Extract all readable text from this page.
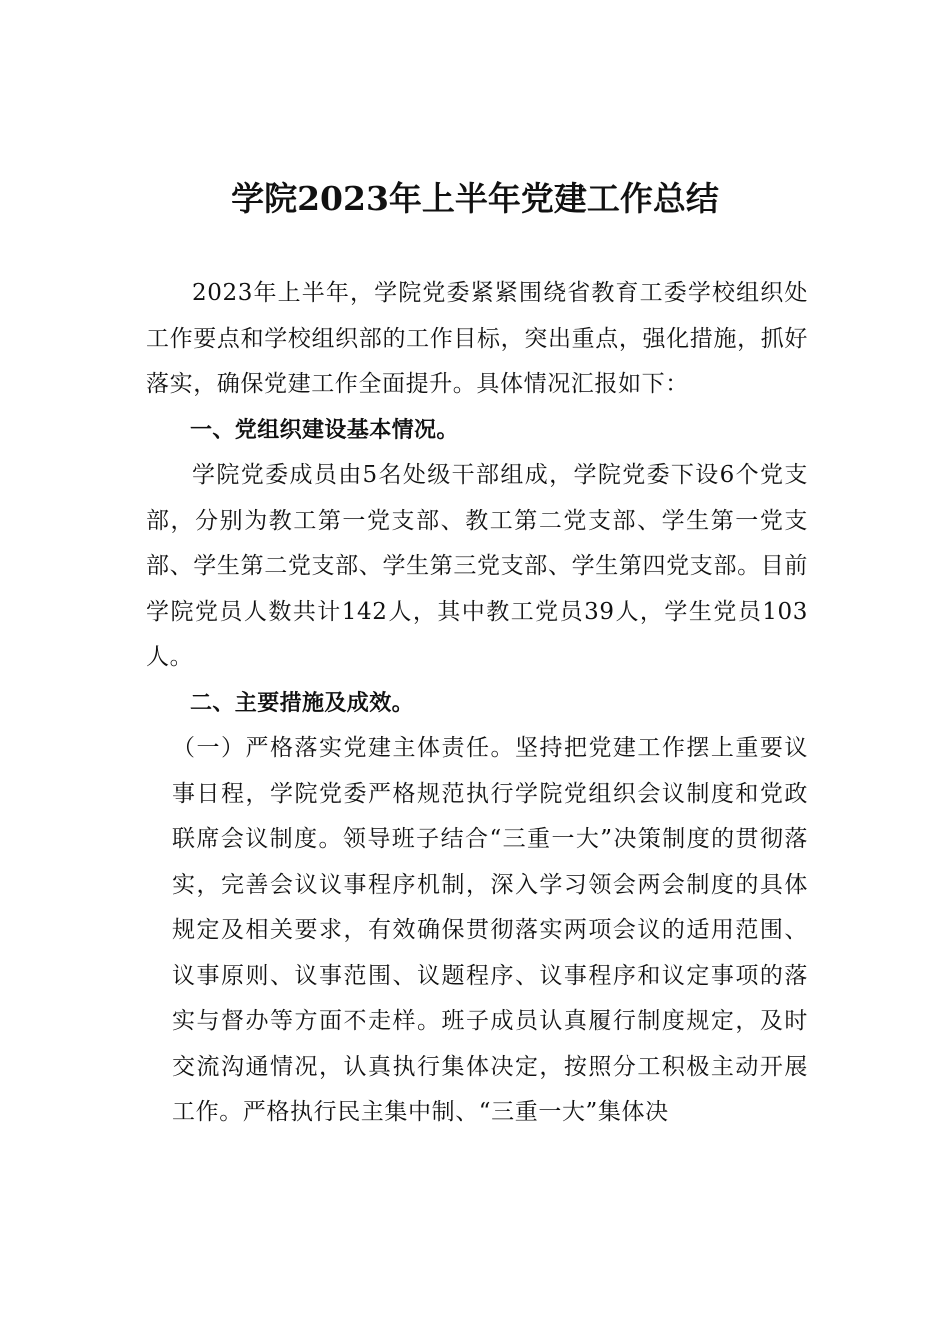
学院2023年上半年党建工作总结

2023年上半年，学院党委紧紧围绕省教育工委学校组织处工作要点和学校组织部的工作目标，突出重点，强化措施，抓好落实，确保党建工作全面提升。具体情况汇报如下：

一、党组织建设基本情况。

学院党委成员由5名处级干部组成，学院党委下设6个党支部，分别为教工第一党支部、教工第二党支部、学生第一党支部、学生第二党支部、学生第三党支部、学生第四党支部。目前学院党员人数共计142人，其中教工党员39人，学生党员103人。

二、主要措施及成效。

（一）严格落实党建主体责任。坚持把党建工作摆上重要议事日程，学院党委严格规范执行学院党组织会议制度和党政联席会议制度。领导班子结合“三重一大”决策制度的贯彻落实，完善会议议事程序机制，深入学习领会两会制度的具体规定及相关要求，有效确保贯彻落实两项会议的适用范围、议事原则、议事范围、议题程序、议事程序和议定事项的落实与督办等方面不走样。班子成员认真履行制度规定，及时交流沟通情况，认真执行集体决定，按照分工积极主动开展工作。严格执行民主集中制、“三重一大”集体决
